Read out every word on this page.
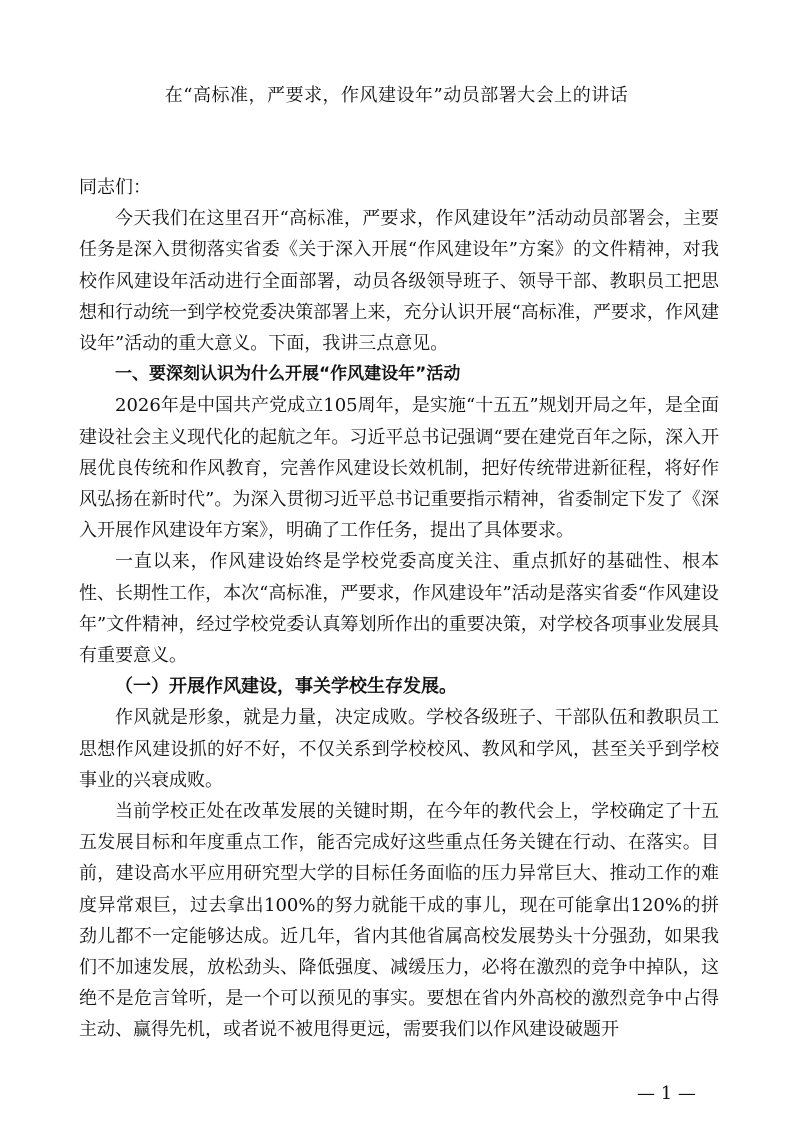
在“高标准，严要求，作风建设年”动员部署大会上的讲话

同志们：

今天我们在这里召开“高标准，严要求，作风建设年”活动动员部署会，主要任务是深入贯彻落实省委《关于深入开展“作风建设年”方案》的文件精神，对我校作风建设年活动进行全面部署，动员各级领导班子、领导干部、教职员工把思想和行动统一到学校党委决策部署上来，充分认识开展“高标准，严要求，作风建设年”活动的重大意义。下面，我讲三点意见。

一、要深刻认识为什么开展“作风建设年”活动

2026年是中国共产党成立105周年，是实施“十五五”规划开局之年，是全面建设社会主义现代化的起航之年。习近平总书记强调“要在建党百年之际，深入开展优良传统和作风教育，完善作风建设长效机制，把好传统带进新征程，将好作风弘扬在新时代”。为深入贯彻习近平总书记重要指示精神，省委制定下发了《深入开展作风建设年方案》，明确了工作任务，提出了具体要求。

一直以来，作风建设始终是学校党委高度关注、重点抓好的基础性、根本性、长期性工作，本次“高标准，严要求，作风建设年”活动是落实省委“作风建设年”文件精神，经过学校党委认真筹划所作出的重要决策，对学校各项事业发展具有重要意义。

（一）开展作风建设，事关学校生存发展。

作风就是形象，就是力量，决定成败。学校各级班子、干部队伍和教职员工思想作风建设抓的好不好，不仅关系到学校校风、教风和学风，甚至关乎到学校事业的兴衰成败。

当前学校正处在改革发展的关键时期，在今年的教代会上，学校确定了十五五发展目标和年度重点工作，能否完成好这些重点任务关键在行动、在落实。目前，建设高水平应用研究型大学的目标任务面临的压力异常巨大、推动工作的难度异常艰巨，过去拿出100%的努力就能干成的事儿，现在可能拿出120%的拼劲儿都不一定能够达成。近几年，省内其他省属高校发展势头十分强劲，如果我们不加速发展，放松劲头、降低强度、减缓压力，必将在激烈的竞争中掉队，这绝不是危言耸听，是一个可以预见的事实。要想在省内外高校的激烈竞争中占得主动、赢得先机，或者说不被甩得更远，需要我们以作风建设破题开

— 1 —
